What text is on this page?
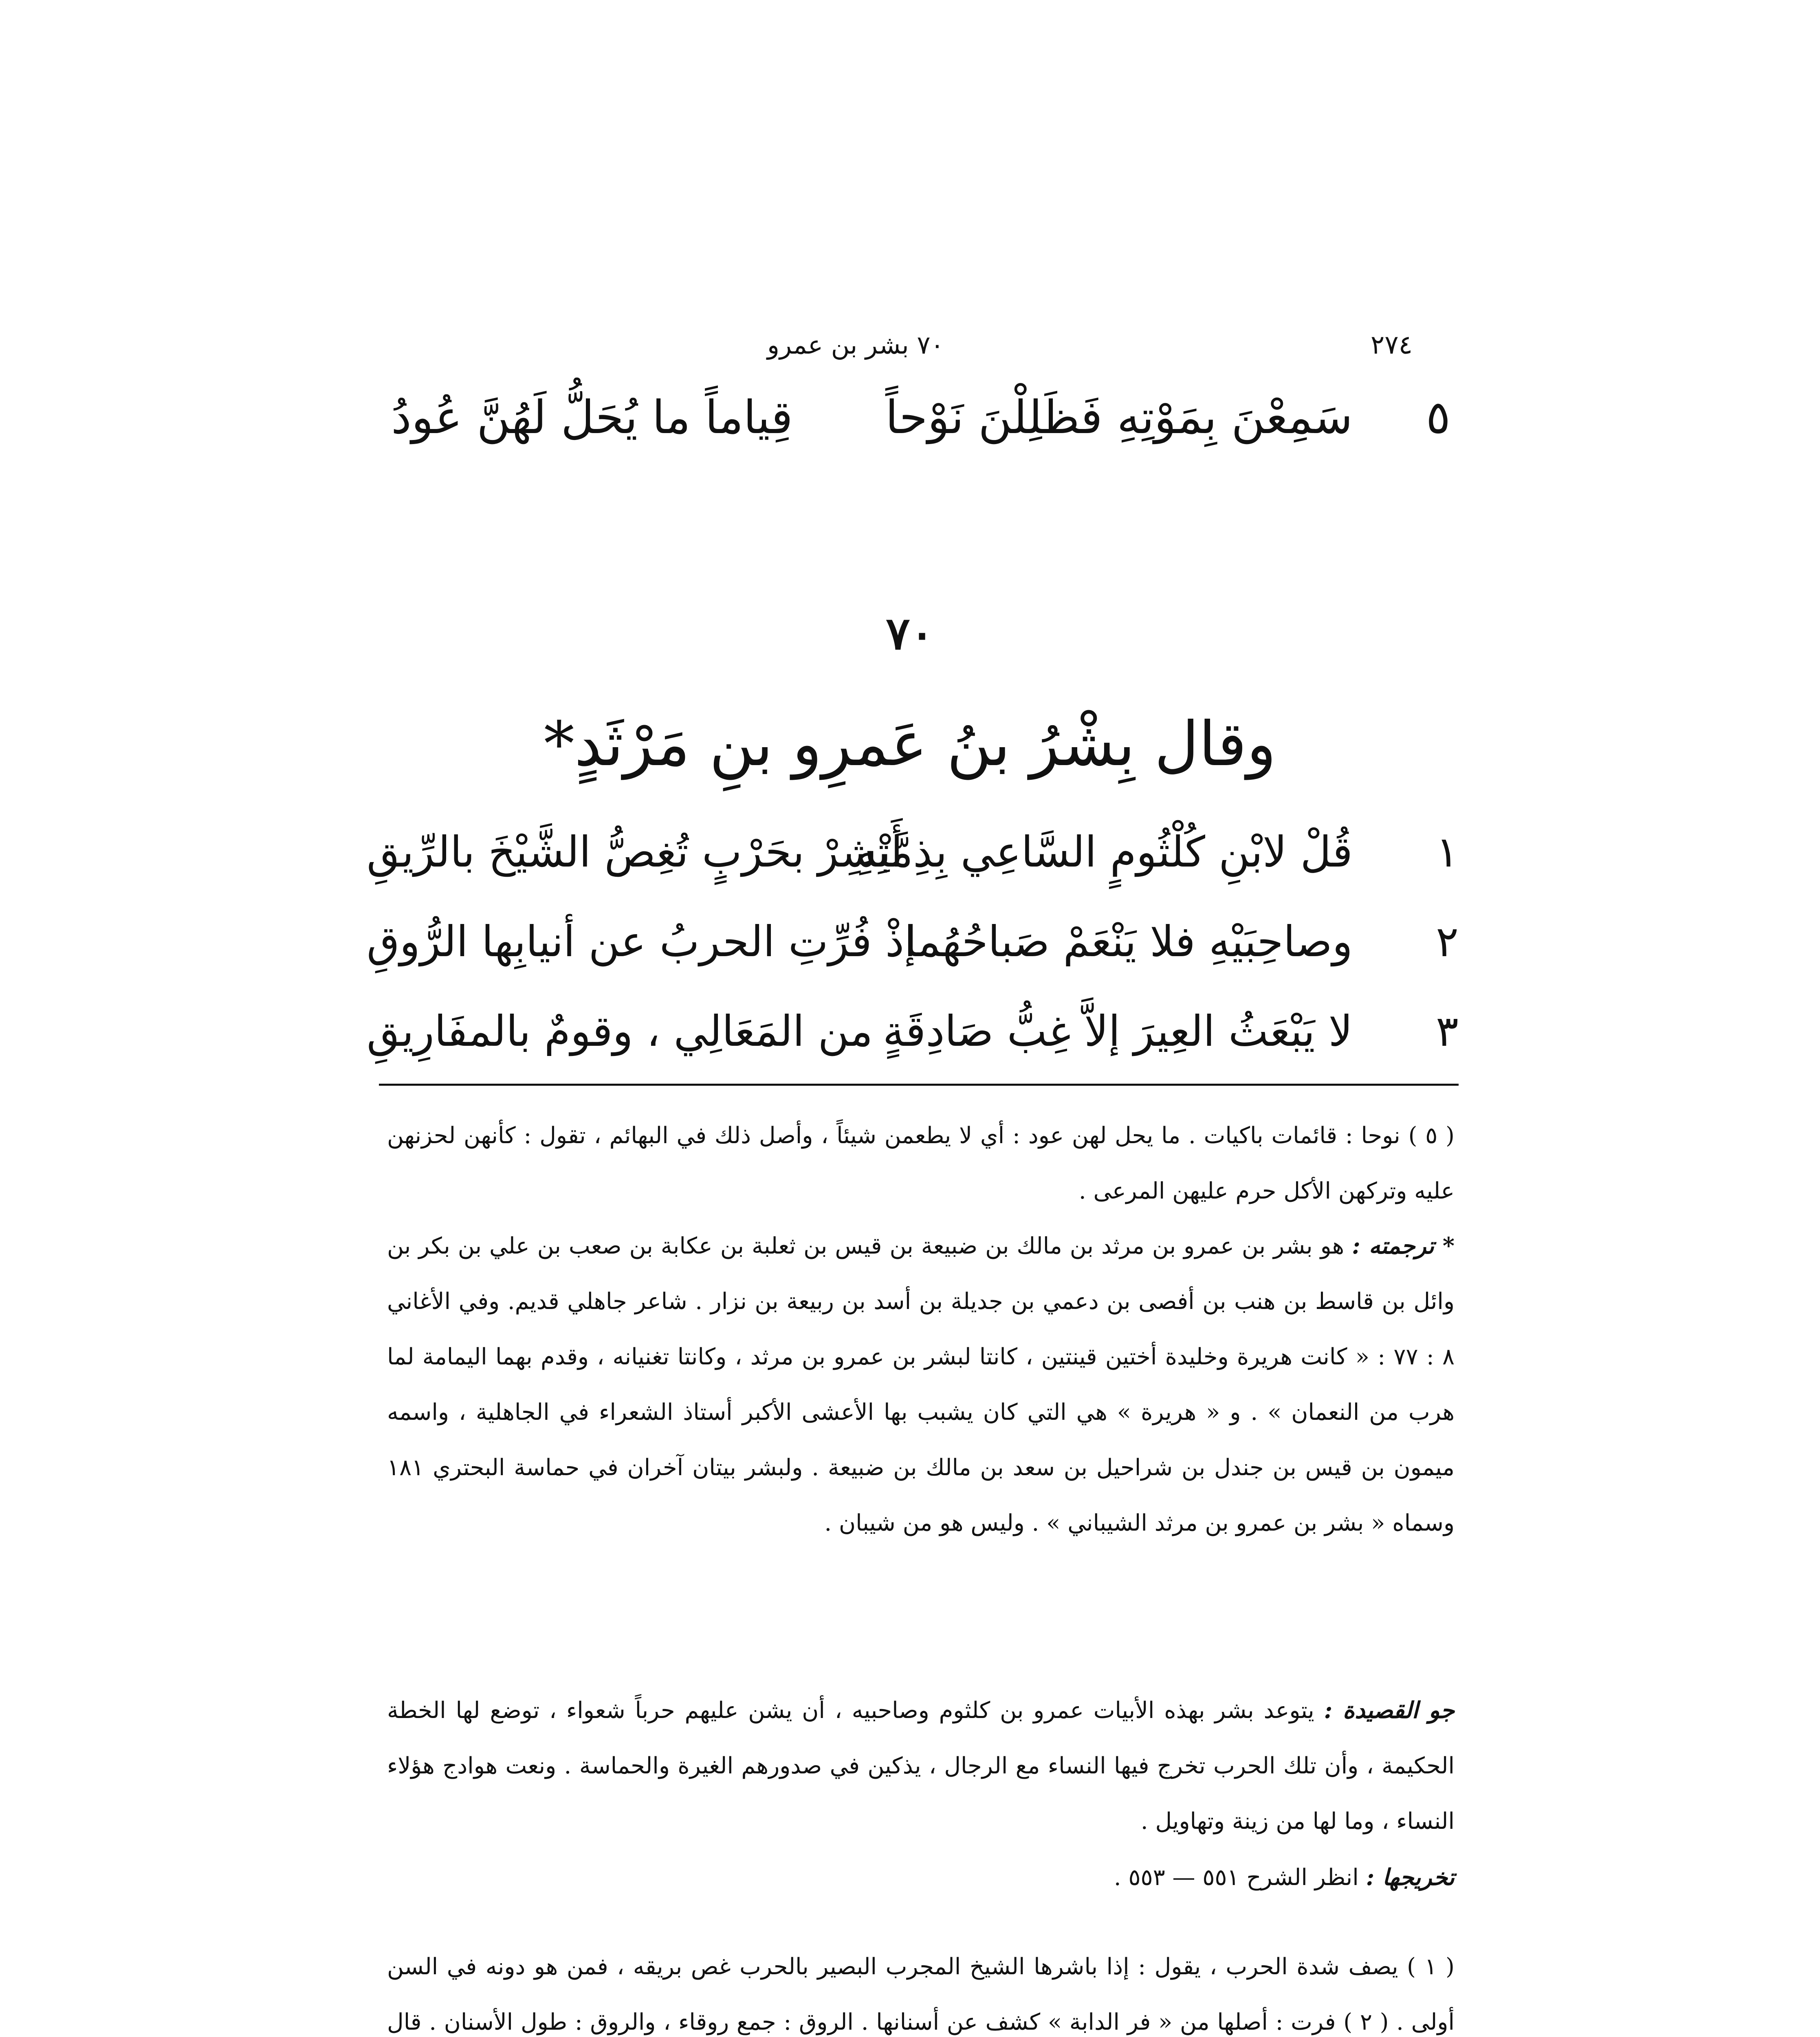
٢٧٤
٧٠ بشر بن عمرو
٥
سَمِعْنَ بِمَوْتِهِ فَظَلِلْنَ نَوْحاً
قِياماً ما يُحَلُّ لَهُنَّ عُودُ
٧٠
وقال بِشْرُ بنُ عَمرِو بنِ مَرْثَدٍ*
١
قُلْ لابْنِ كُلْثُومٍ السَّاعِي بِذِمَّتِهِ
أَبْشِرْ بحَرْبٍ تُغِصُّ الشَّيْخَ بالرِّيقِ
٢
وصاحِبَيْهِ فلا يَنْعَمْ صَباحُهُما
إذْ فُرِّتِ الحربُ عن أنيابِها الرُّوقِ
٣
لا يَبْعَثُ العِيرَ إلاَّ غِبُّ صَادِقَةٍ
من المَعَالِي ، وقومٌ بالمفَارِيقِ

( ٥ ) نوحا : قائمات باكيات . ما يحل لهن عود : أي لا يطعمن شيئاً ، وأصل ذلك في البهائم ، تقول : كأنهن لحزنهن عليه وتركهن الأكل حرم عليهن المرعى .

* ترجمته : هو بشر بن عمرو بن مرثد بن مالك بن ضبيعة بن قيس بن ثعلبة بن عكابة بن صعب بن علي بن بكر بن وائل بن قاسط بن هنب بن أفصى بن دعمي بن جديلة بن أسد بن ربيعة بن نزار . شاعر جاهلي قديم. وفي الأغاني ٨ : ٧٧ : « كانت هريرة وخليدة أختين قينتين ، كانتا لبشر بن عمرو بن مرثد ، وكانتا تغنيانه ، وقدم بهما اليمامة لما هرب من النعمان » . و « هريرة » هي التي كان يشبب بها الأعشى الأكبر أستاذ الشعراء في الجاهلية ، واسمه ميمون بن قيس بن جندل بن شراحيل بن سعد بن مالك بن ضبيعة . ولبشر بيتان آخران في حماسة البحتري ١٨١ وسماه « بشر بن عمرو بن مرثد الشيباني » . وليس هو من شيبان .

جو القصيدة : يتوعد بشر بهذه الأبيات عمرو بن كلثوم وصاحبيه ، أن يشن عليهم حرباً شعواء ، توضع لها الخطة الحكيمة ، وأن تلك الحرب تخرج فيها النساء مع الرجال ، يذكين في صدورهم الغيرة والحماسة . ونعت هوادج هؤلاء النساء ، وما لها من زينة وتهاويل .

تخريجها : انظر الشرح ٥٥١ — ٥٥٣ .

( ١ ) يصف شدة الحرب ، يقول : إذا باشرها الشيخ المجرب البصير بالحرب غص بريقه ، فمن هو دونه في السن أولى . ( ٢ ) فرت : أصلها من « فر الدابة » كشف عن أسنانها . الروق : جمع روقاء ، والروق : طول الأسنان . قال
